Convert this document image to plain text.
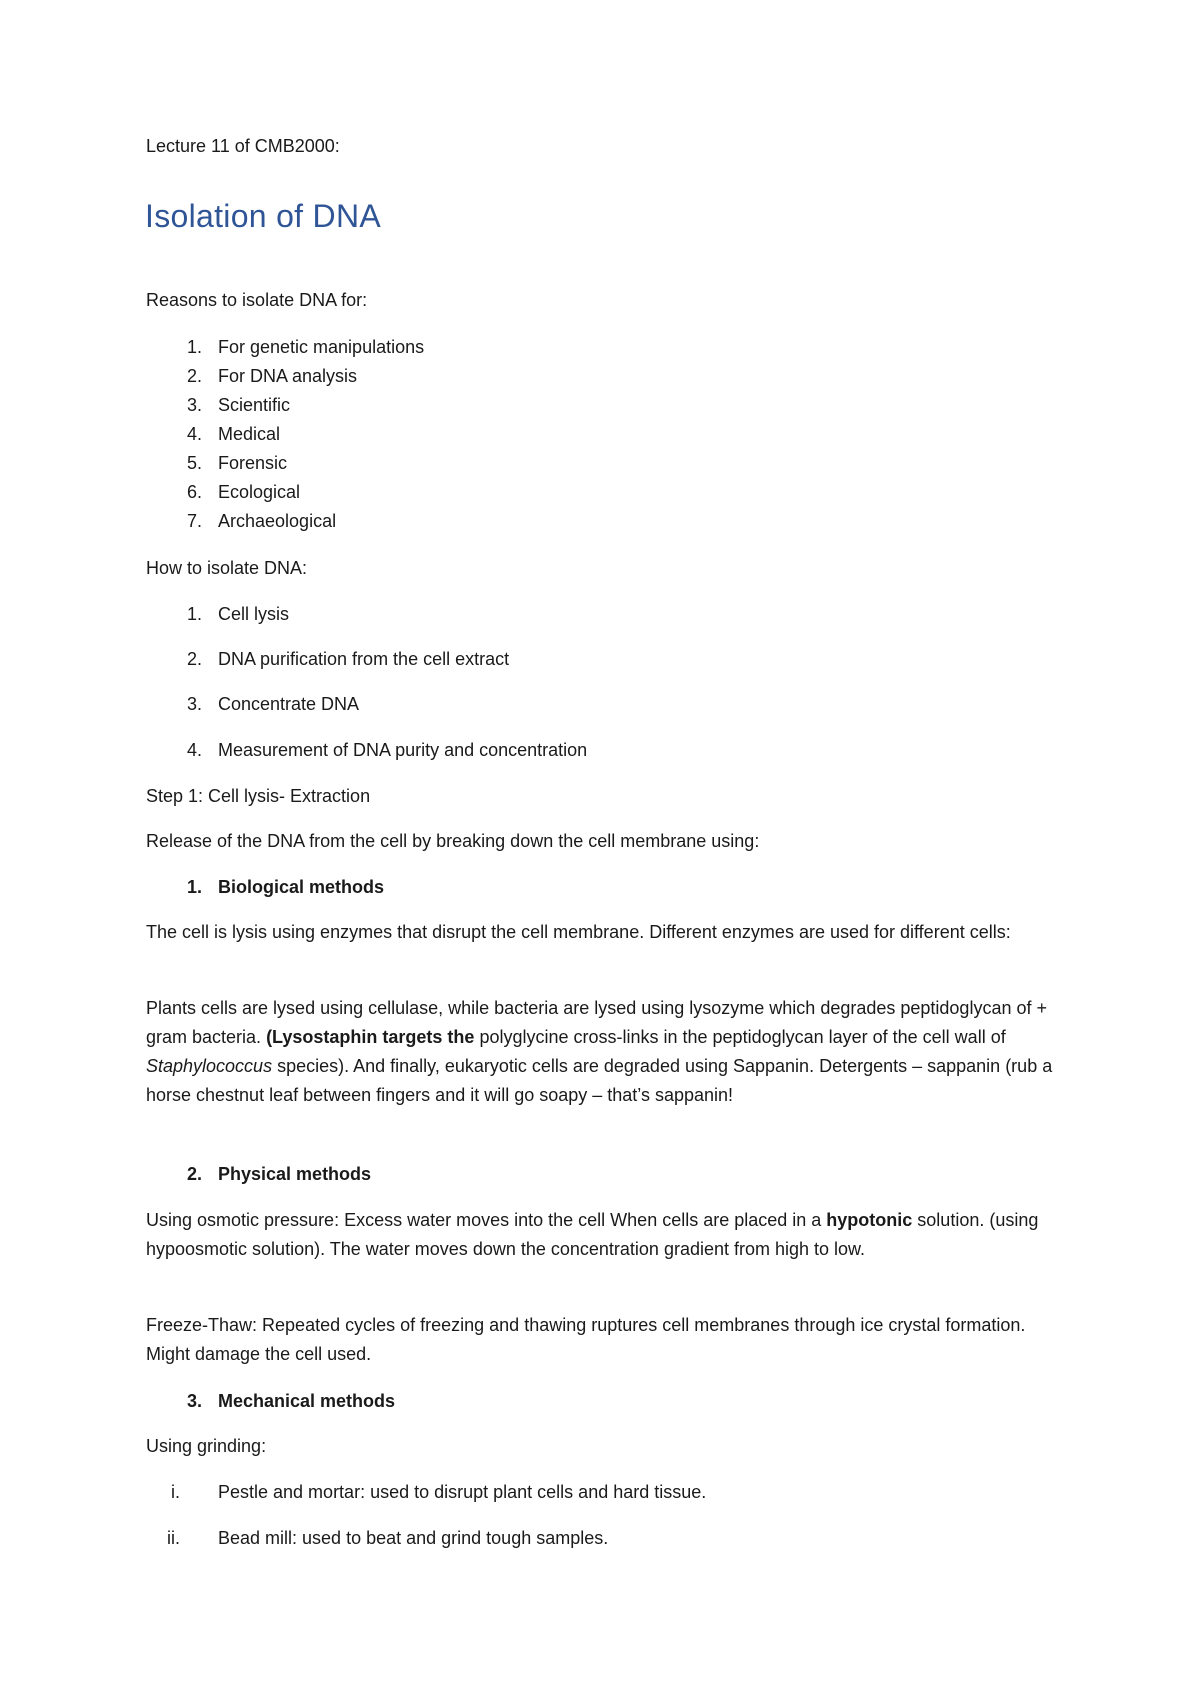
Lecture 11 of CMB2000:

Isolation of DNA

Reasons to isolate DNA for:

1. For genetic manipulations
2. For DNA analysis
3. Scientific
4. Medical
5. Forensic
6. Ecological
7. Archaeological

How to isolate DNA:

1. Cell lysis
2. DNA purification from the cell extract
3. Concentrate DNA
4. Measurement of DNA purity and concentration

Step 1: Cell lysis- Extraction

Release of the DNA from the cell by breaking down the cell membrane using:

1. Biological methods

The cell is lysis using enzymes that disrupt the cell membrane. Different enzymes are used for different cells:

Plants cells are lysed using cellulase, while bacteria are lysed using lysozyme which degrades peptidoglycan of + gram bacteria. (Lysostaphin targets the polyglycine cross-links in the peptidoglycan layer of the cell wall of Staphylococcus species). And finally, eukaryotic cells are degraded using Sappanin. Detergents – sappanin (rub a horse chestnut leaf between fingers and it will go soapy – that’s sappanin!

2. Physical methods

Using osmotic pressure: Excess water moves into the cell When cells are placed in a hypotonic solution. (using hypoosmotic solution). The water moves down the concentration gradient from high to low.

Freeze-Thaw: Repeated cycles of freezing and thawing ruptures cell membranes through ice crystal formation. Might damage the cell used.

3. Mechanical methods

Using grinding:

i. Pestle and mortar: used to disrupt plant cells and hard tissue.
ii. Bead mill: used to beat and grind tough samples.
